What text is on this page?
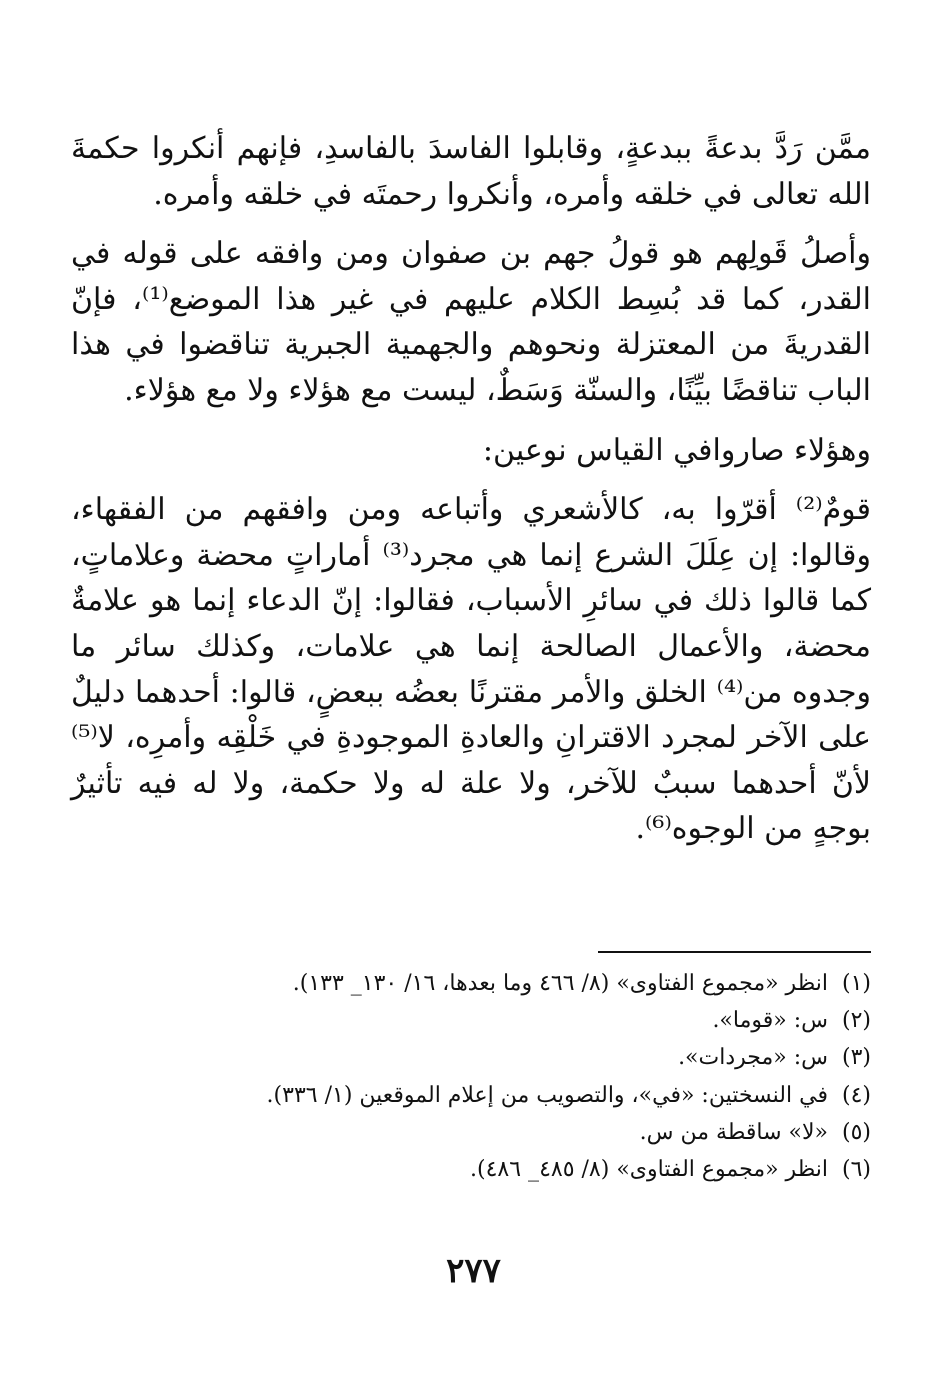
ممَّن رَدَّ بدعةً ببدعةٍ، وقابلوا الفاسدَ بالفاسدِ، فإنهم أنكروا حكمةَ الله تعالى في خلقه وأمره، وأنكروا رحمتَه في خلقه وأمره.

وأصلُ قَولِهم هو قولُ جهم بن صفوان ومن وافقه على قوله في القدر، كما قد بُسِط الكلام عليهم في غير هذا الموضع⁽¹⁾، فإنّ القدريةَ من المعتزلة ونحوهم والجهمية الجبرية تناقضوا في هذا الباب تناقضًا بيِّنًا، والسنّة وَسَطٌ، ليست مع هؤلاء ولا مع هؤلاء.

وهؤلاء صاروافي القياس نوعين:

قومٌ⁽²⁾ أقرّوا به، كالأشعري وأتباعه ومن وافقهم من الفقهاء، وقالوا: إن عِلَلَ الشرع إنما هي مجرد⁽³⁾ أماراتٍ محضة وعلاماتٍ، كما قالوا ذلك في سائرِ الأسباب، فقالوا: إنّ الدعاء إنما هو علامةٌ محضة، والأعمال الصالحة إنما هي علامات، وكذلك سائر ما وجدوه من⁽⁴⁾ الخلق والأمر مقترنًا بعضُه ببعضٍ، قالوا: أحدهما دليلٌ على الآخر لمجرد الاقترانِ والعادةِ الموجودةِ في خَلْقِه وأمرِه، لا⁽⁵⁾ لأنّ أحدهما سببٌ للآخر، ولا علة له ولا حكمة، ولا له فيه تأثيرٌ بوجهٍ من الوجوه⁽⁶⁾.

(١)
انظر «مجموع الفتاوى» (٨/ ٤٦٦ وما بعدها، ١٦/ ١٣٠_ ١٣٣).
(٢)
س: «قوما».
(٣)
س: «مجردات».
(٤)
في النسختين: «في»، والتصويب من إعلام الموقعين (١/ ٣٣٦).
(٥)
«لا» ساقطة من س.
(٦)
انظر «مجموع الفتاوى» (٨/ ٤٨٥_ ٤٨٦).
٢٧٧
